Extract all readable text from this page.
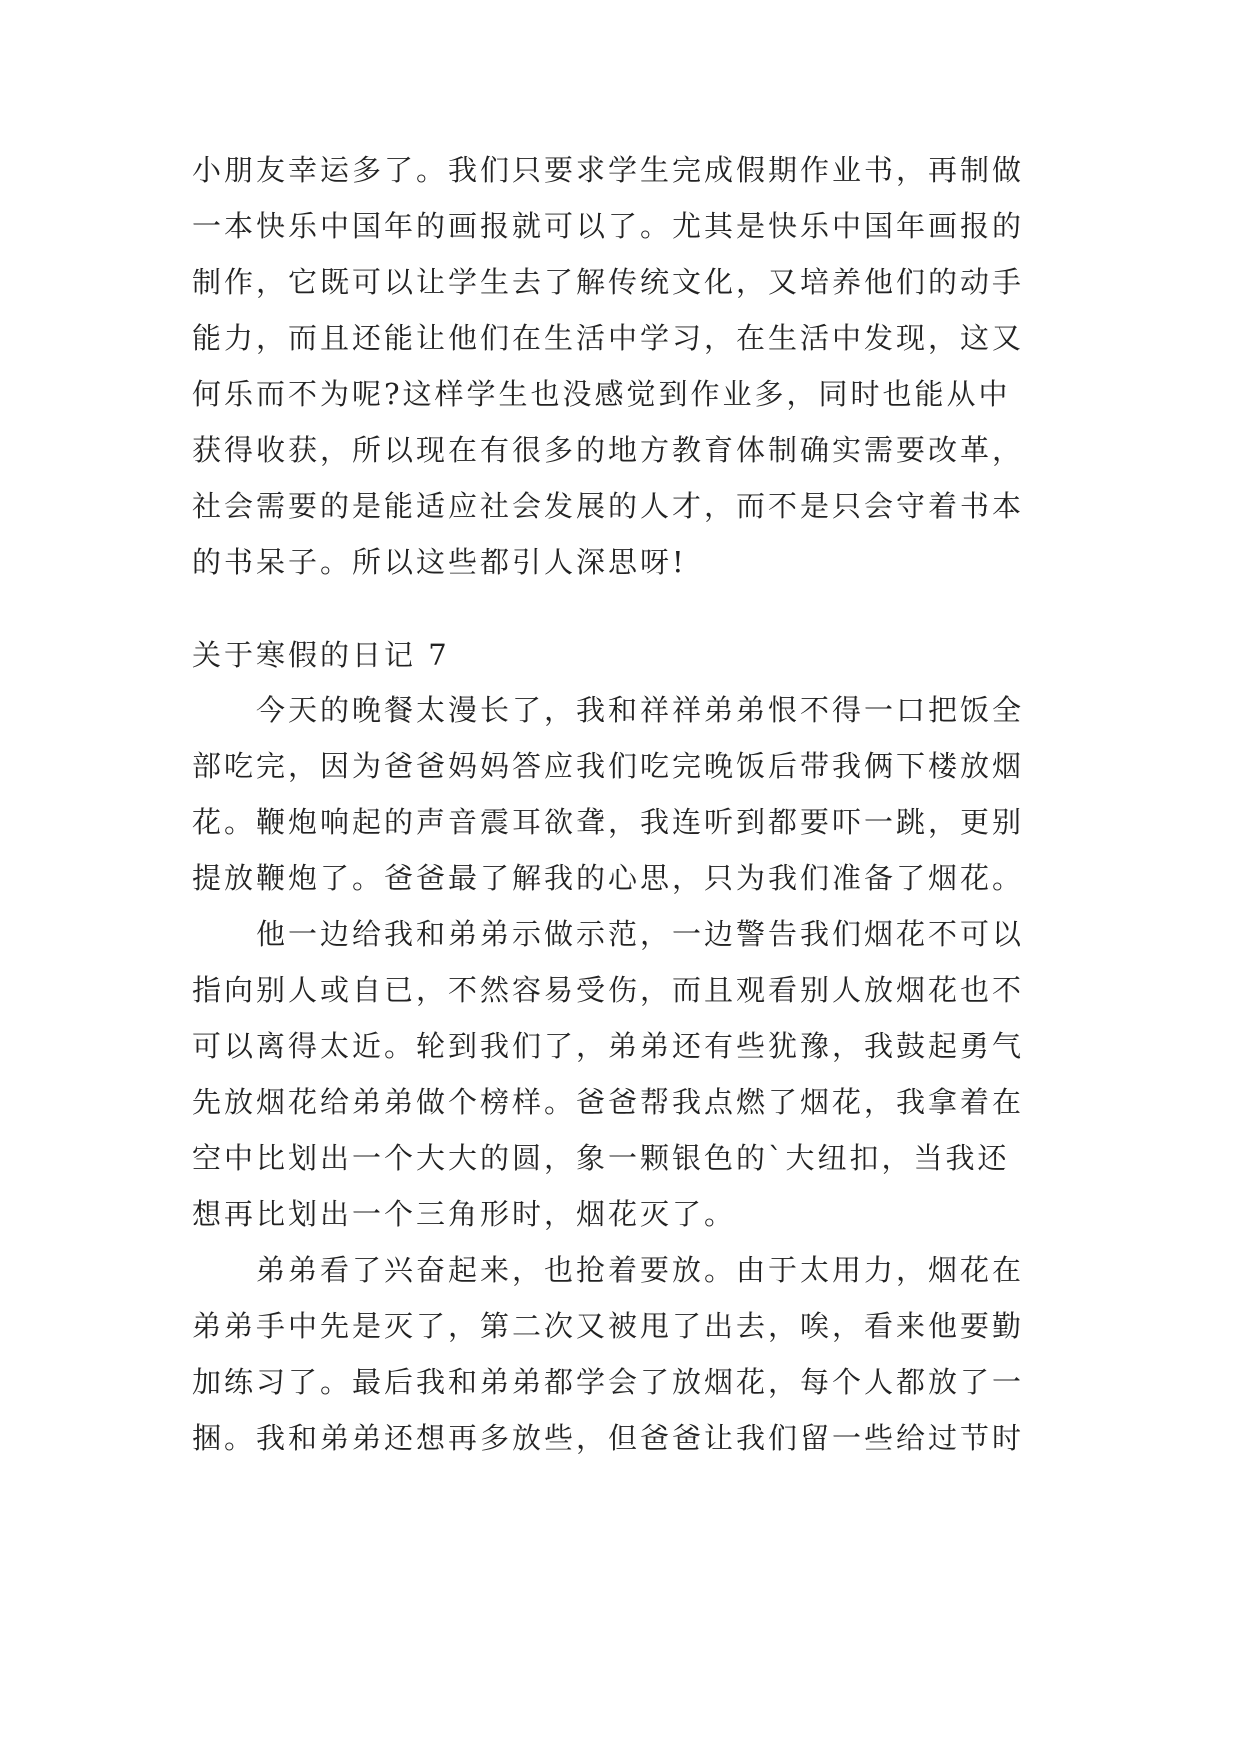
小朋友幸运多了。我们只要求学生完成假期作业书，再制做
一本快乐中国年的画报就可以了。尤其是快乐中国年画报的
制作，它既可以让学生去了解传统文化，又培养他们的动手
能力，而且还能让他们在生活中学习，在生活中发现，这又
何乐而不为呢?这样学生也没感觉到作业多，同时也能从中
获得收获，所以现在有很多的地方教育体制确实需要改革，
社会需要的是能适应社会发展的人才，而不是只会守着书本
的书呆子。所以这些都引人深思呀!
关于寒假的日记 7
今天的晚餐太漫长了，我和祥祥弟弟恨不得一口把饭全
部吃完，因为爸爸妈妈答应我们吃完晚饭后带我俩下楼放烟
花。鞭炮响起的声音震耳欲聋，我连听到都要吓一跳，更别
提放鞭炮了。爸爸最了解我的心思，只为我们准备了烟花。
他一边给我和弟弟示做示范，一边警告我们烟花不可以
指向别人或自已，不然容易受伤，而且观看别人放烟花也不
可以离得太近。轮到我们了，弟弟还有些犹豫，我鼓起勇气
先放烟花给弟弟做个榜样。爸爸帮我点燃了烟花，我拿着在
空中比划出一个大大的圆，象一颗银色的`大纽扣，当我还
想再比划出一个三角形时，烟花灭了。
弟弟看了兴奋起来，也抢着要放。由于太用力，烟花在
弟弟手中先是灭了，第二次又被甩了出去，唉，看来他要勤
加练习了。最后我和弟弟都学会了放烟花，每个人都放了一
捆。我和弟弟还想再多放些，但爸爸让我们留一些给过节时
